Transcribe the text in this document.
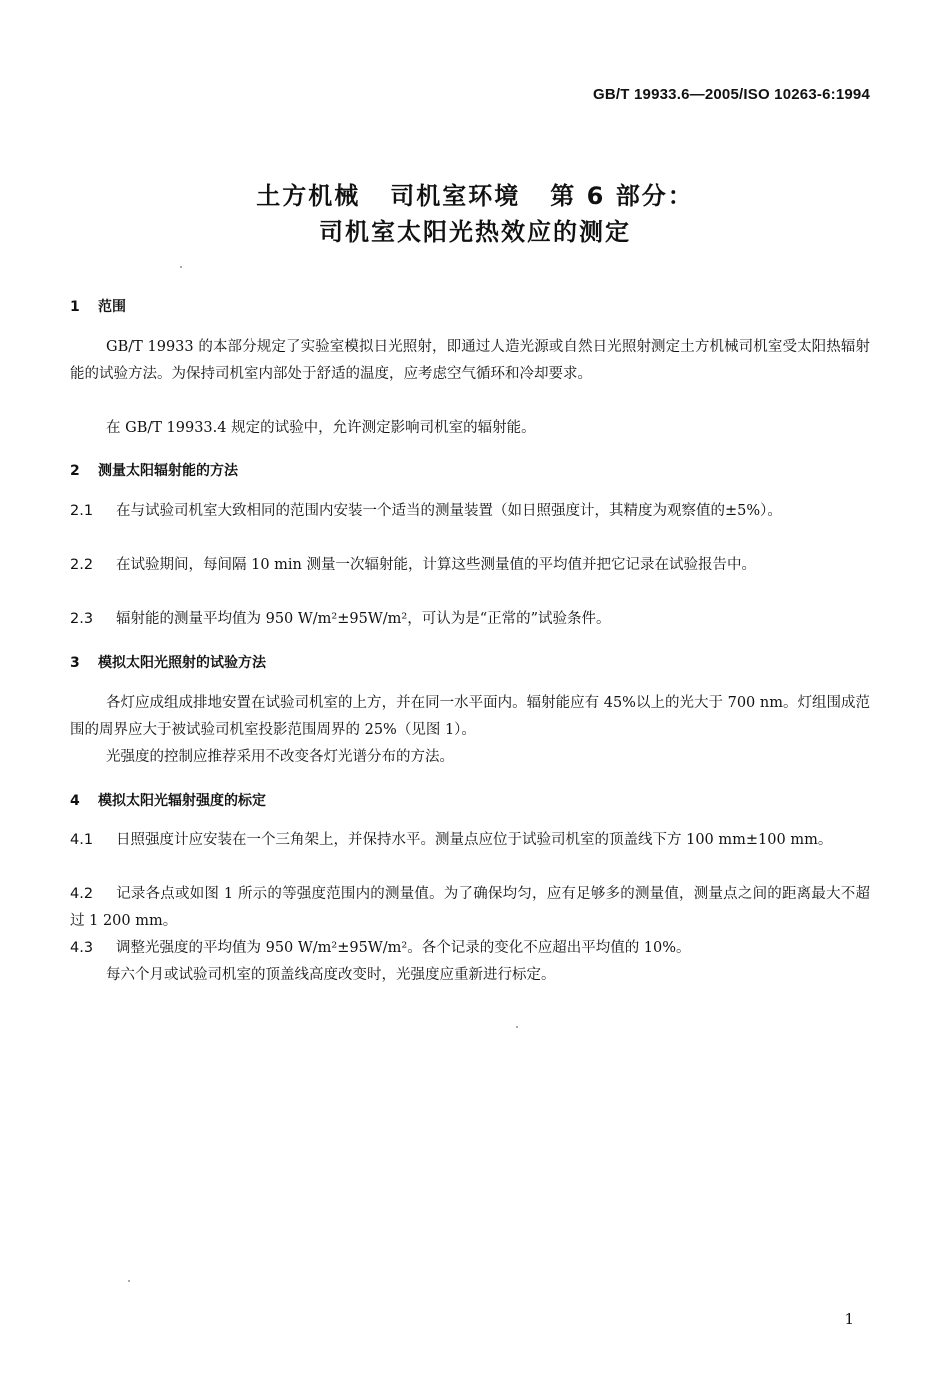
GB/T 19933.6—2005/ISO 10263-6:1994
土方机械 司机室环境 第 6 部分：
司机室太阳光热效应的测定
1 范围
GB/T 19933 的本部分规定了实验室模拟日光照射，即通过人造光源或自然日光照射测定土方机械司机室受太阳热辐射能的试验方法。为保持司机室内部处于舒适的温度，应考虑空气循环和冷却要求。
在 GB/T 19933.4 规定的试验中，允许测定影响司机室的辐射能。
2 测量太阳辐射能的方法
2.1 在与试验司机室大致相同的范围内安装一个适当的测量装置（如日照强度计，其精度为观察值的±5%）。
2.2 在试验期间，每间隔 10 min 测量一次辐射能，计算这些测量值的平均值并把它记录在试验报告中。
2.3 辐射能的测量平均值为 950 W/m²±95W/m²，可认为是“正常的”试验条件。
3 模拟太阳光照射的试验方法
各灯应成组成排地安置在试验司机室的上方，并在同一水平面内。辐射能应有 45%以上的光大于 700 nm。灯组围成范围的周界应大于被试验司机室投影范围周界的 25%（见图 1）。
光强度的控制应推荐采用不改变各灯光谱分布的方法。
4 模拟太阳光辐射强度的标定
4.1 日照强度计应安装在一个三角架上，并保持水平。测量点应位于试验司机室的顶盖线下方 100 mm±100 mm。
4.2 记录各点或如图 1 所示的等强度范围内的测量值。为了确保均匀，应有足够多的测量值，测量点之间的距离最大不超过 1 200 mm。
4.3 调整光强度的平均值为 950 W/m²±95W/m²。各个记录的变化不应超出平均值的 10%。
每六个月或试验司机室的顶盖线高度改变时，光强度应重新进行标定。
1
